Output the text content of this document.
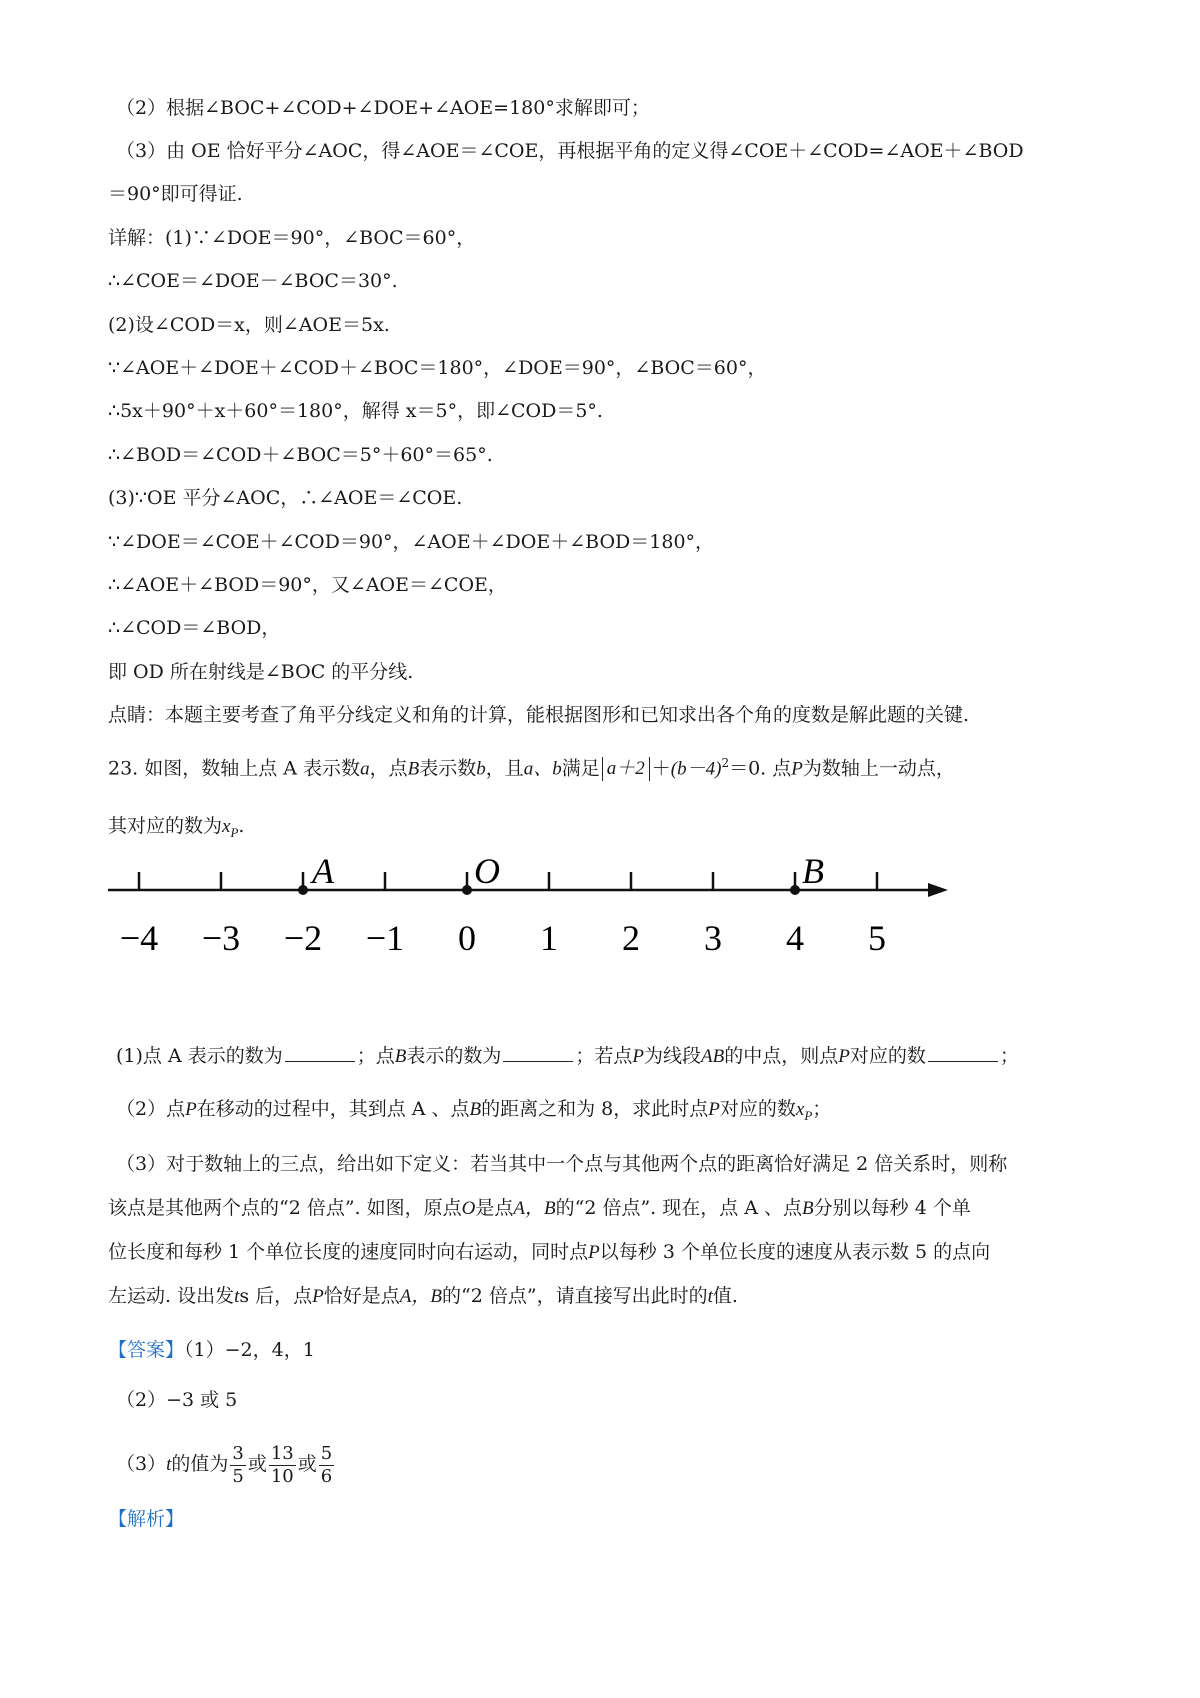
（2）根据∠BOC+∠COD+∠DOE+∠AOE=180°求解即可；
（3）由 OE 恰好平分∠AOC，得∠AOE＝∠COE，再根据平角的定义得∠COE＋∠COD=∠AOE＋∠BOD
＝90°即可得证.
详解：(1)∵∠DOE＝90°，∠BOC＝60°，
∴∠COE＝∠DOE－∠BOC＝30°.
(2)设∠COD＝x，则∠AOE＝5x.
∵∠AOE＋∠DOE＋∠COD＋∠BOC＝180°，∠DOE＝90°，∠BOC＝60°，
∴5x＋90°＋x＋60°＝180°，解得 x＝5°，即∠COD＝5°.
∴∠BOD＝∠COD＋∠BOC＝5°＋60°＝65°.
(3)∵OE 平分∠AOC，∴∠AOE＝∠COE.
∵∠DOE＝∠COE＋∠COD＝90°，∠AOE＋∠DOE＋∠BOD＝180°，
∴∠AOE＋∠BOD＝90°，又∠AOE＝∠COE，
∴∠COD＝∠BOD，
即 OD 所在射线是∠BOC 的平分线.
点睛：本题主要考查了角平分线定义和角的计算，能根据图形和已知求出各个角的度数是解此题的关键.
23. 如图，数轴上点 A 表示数a，点B表示数b，且a、b满足 $a+2 +(b-4)^2=0$. 点P为数轴上一动点，
其对应的数为$x_P$.
−4 −3 −2 −1 0 1 2 3 4 5
A	O	B
(1)点 A 表示的数为	；点B表示的数为	；若点P为线段AB的中点，则点P对应的数	；
（2）点P在移动的过程中，其到点 A 、点B的距离之和为 8，求此时点P对应的数$x_P$；
（3）对于数轴上的三点，给出如下定义：若当其中一个点与其他两个点的距离恰好满足 2 倍关系时，则称
该点是其他两个点的“2 倍点”. 如图，原点O是点A，B的“2 倍点”. 现在，点 A 、点B分别以每秒 4 个单
位长度和每秒 1 个单位长度的速度同时向右运动，同时点P以每秒 3 个单位长度的速度从表示数 5 的点向
左运动. 设出发ts 后，点P恰好是点A，B的“2 倍点”，请直接写出此时的t值.
【答案】（1）−2，4，1
（2）−3 或 5
（3）t的值为 $\frac{3}{5}$ 或 $\frac{13}{10}$ 或 $\frac{5}{6}$
【解析】
